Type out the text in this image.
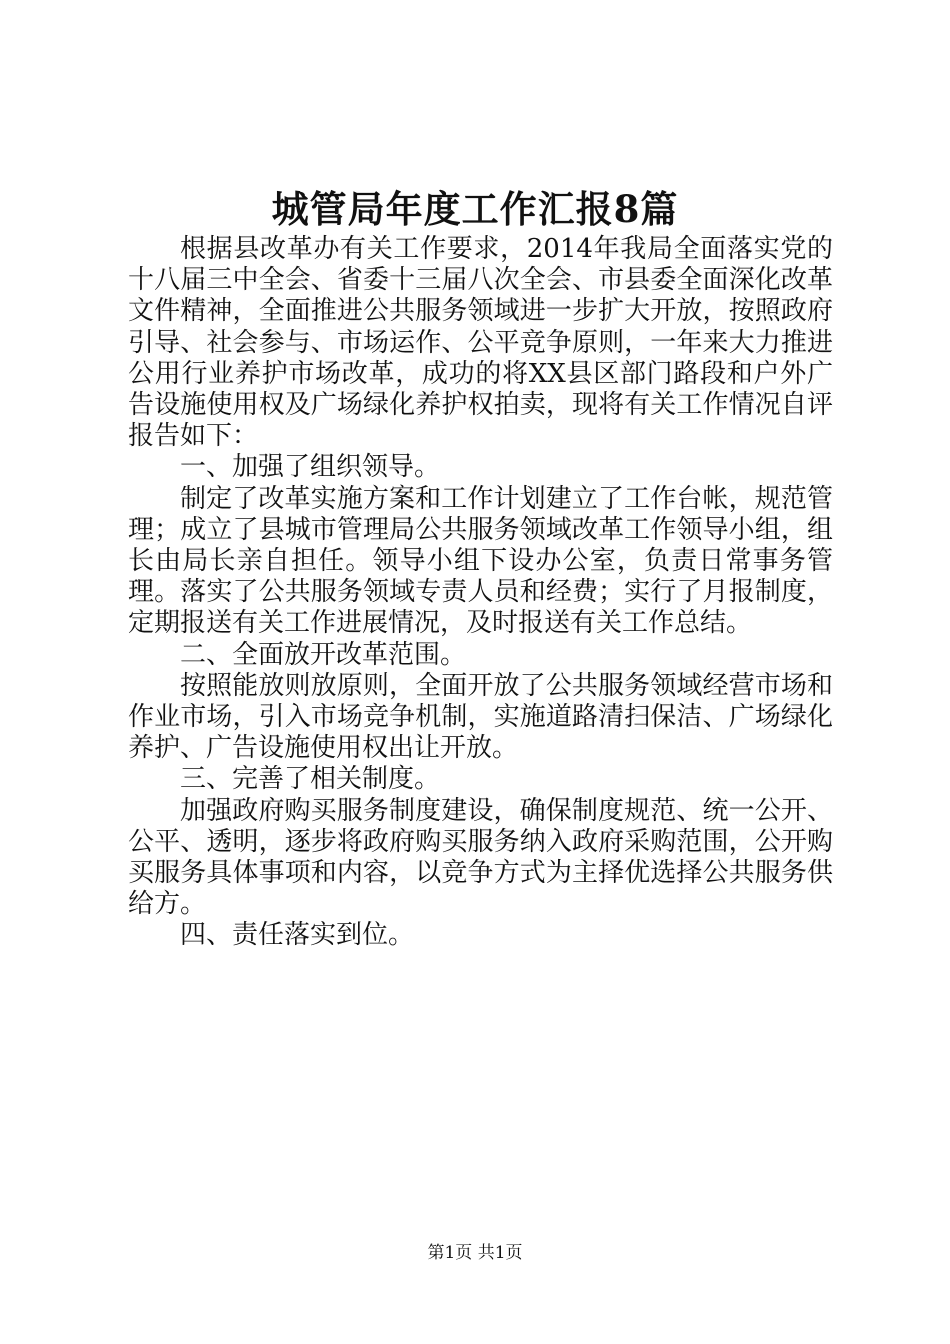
城管局年度工作汇报8篇

根据县改革办有关工作要求，2014年我局全面落实党的十八届三中全会、省委十三届八次全会、市县委全面深化改革文件精神，全面推进公共服务领域进一步扩大开放，按照政府引导、社会参与、市场运作、公平竞争原则，一年来大力推进公用行业养护市场改革，成功的将XX县区部门路段和户外广告设施使用权及广场绿化养护权拍卖，现将有关工作情况自评报告如下：

一、加强了组织领导。

制定了改革实施方案和工作计划建立了工作台帐，规范管理；成立了县城市管理局公共服务领域改革工作领导小组，组长由局长亲自担任。领导小组下设办公室，负责日常事务管理。落实了公共服务领域专责人员和经费；实行了月报制度，定期报送有关工作进展情况，及时报送有关工作总结。

二、全面放开改革范围。

按照能放则放原则，全面开放了公共服务领域经营市场和作业市场，引入市场竞争机制，实施道路清扫保洁、广场绿化养护、广告设施使用权出让开放。

三、完善了相关制度。

加强政府购买服务制度建设，确保制度规范、统一公开、公平、透明，逐步将政府购买服务纳入政府采购范围，公开购买服务具体事项和内容，以竞争方式为主择优选择公共服务供给方。

四、责任落实到位。

第1页 共1页
